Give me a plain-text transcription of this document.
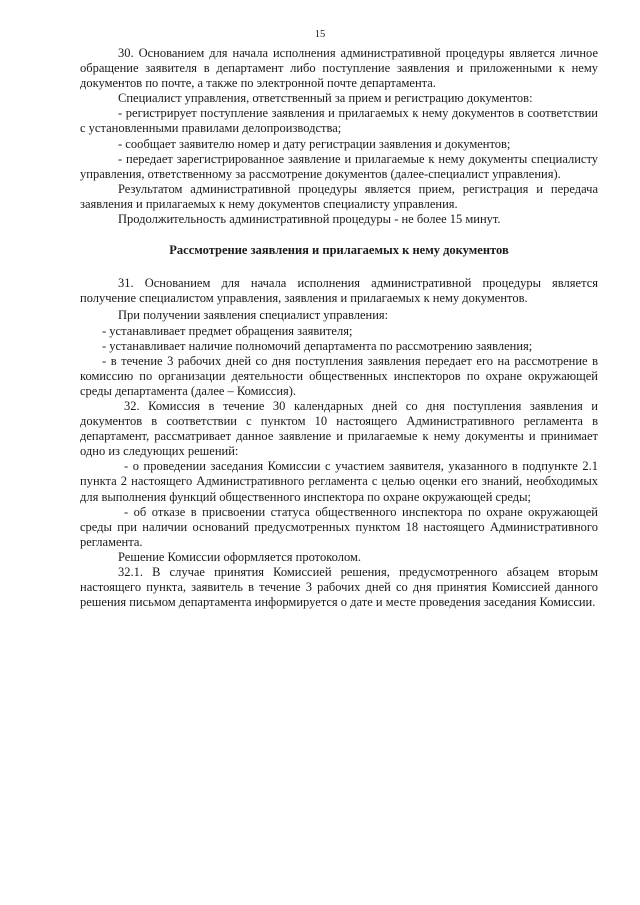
15

30. Основанием для начала исполнения административной процедуры является личное обращение заявителя в департамент либо поступление заявления и приложенными к нему документов по почте, а также по электронной почте департамента.

Специалист управления, ответственный за прием и регистрацию документов:

- регистрирует поступление заявления и прилагаемых к нему документов в соответствии с установленными правилами делопроизводства;

- сообщает заявителю номер и дату регистрации заявления и документов;

- передает зарегистрированное заявление и прилагаемые к нему документы специалисту управления, ответственному за рассмотрение документов (далее-специалист управления).

Результатом административной процедуры является прием, регистрация и передача заявления и прилагаемых к нему документов специалисту управления.

Продолжительность административной процедуры - не более 15 минут.

Рассмотрение заявления и прилагаемых к нему документов

31. Основанием для начала исполнения административной процедуры является получение специалистом управления, заявления и прилагаемых к нему документов.

При получении заявления специалист управления:

- устанавливает предмет обращения заявителя;

- устанавливает наличие полномочий департамента по рассмотрению заявления;

- в течение 3 рабочих дней со дня поступления заявления передает его на рассмотрение в комиссию по организации деятельности общественных инспекторов по охране окружающей среды департамента (далее – Комиссия).

32. Комиссия в течение 30 календарных дней со дня поступления заявления и документов в соответствии с пунктом 10 настоящего Административного регламента в департамент, рассматривает данное заявление и прилагаемые к нему документы и принимает одно из следующих решений:

- о проведении заседания Комиссии с участием заявителя, указанного в подпункте 2.1 пункта 2 настоящего Административного регламента с целью оценки его знаний, необходимых для выполнения функций общественного инспектора по охране окружающей среды;

- об отказе в присвоении статуса общественного инспектора по охране окружающей среды при наличии оснований предусмотренных пунктом 18 настоящего Административного регламента.

Решение Комиссии оформляется протоколом.

32.1. В случае принятия Комиссией решения, предусмотренного абзацем вторым настоящего пункта, заявитель в течение 3 рабочих дней со дня принятия Комиссией данного решения письмом департамента информируется о дате и месте проведения заседания Комиссии.
